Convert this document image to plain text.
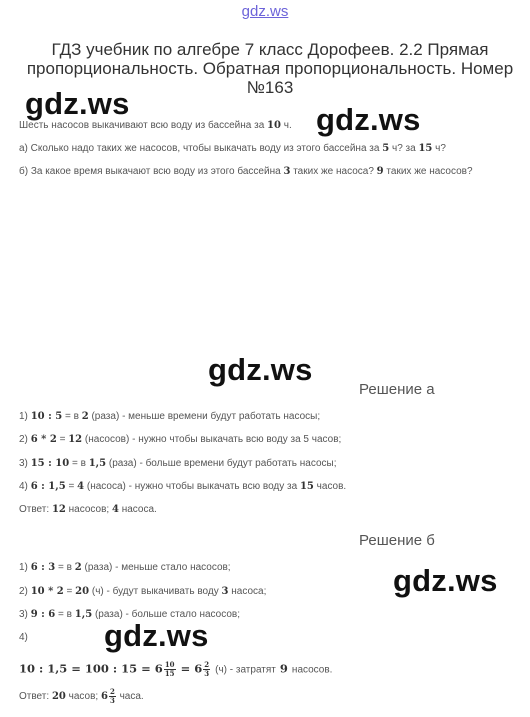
gdz.ws
ГДЗ учебник по алгебре 7 класс Дорофеев. 2.2 Прямая пропорциональность. Обратная пропорциональность. Номер №163
gdz.ws	gdz.ws
Шесть насосов выкачивают всю воду из бассейна за 10 ч.
а) Сколько надо таких же насосов, чтобы выкачать воду из этого бассейна за 5 ч? за 15 ч?
б) За какое время выкачают всю воду из этого бассейна 3 таких же насоса? 9 таких же насосов?
gdz.ws
Решение а
1) 10 : 5 = в 2 (раза) - меньше времени будут работать насосы;
2) 6 * 2 = 12 (насосов) - нужно чтобы выкачать всю воду за 5 часов;
3) 15 : 10 = в 1,5 (раза) - больше времени будут работать насосы;
4) 6 : 1,5 = 4 (насоса) - нужно чтобы выкачать всю воду за 15 часов.
Ответ: 12 насосов; 4 насоса.
Решение б
1) 6 : 3 = в 2 (раза) - меньше стало насосов;
2) 10 * 2 = 20 (ч) - будут выкачивать воду 3 насоса;	gdz.ws
3) 9 : 6 = в 1,5 (раза) - больше стало насосов;
4) gdz.ws
10 : 1,5 = 100 : $15 = 6 \frac{10}{15} = 6 \frac{2}{3} (ч)$ - затратят 9 насосов.
Ответ: 20 часов; $6 \frac{2}{3}$ часа.
